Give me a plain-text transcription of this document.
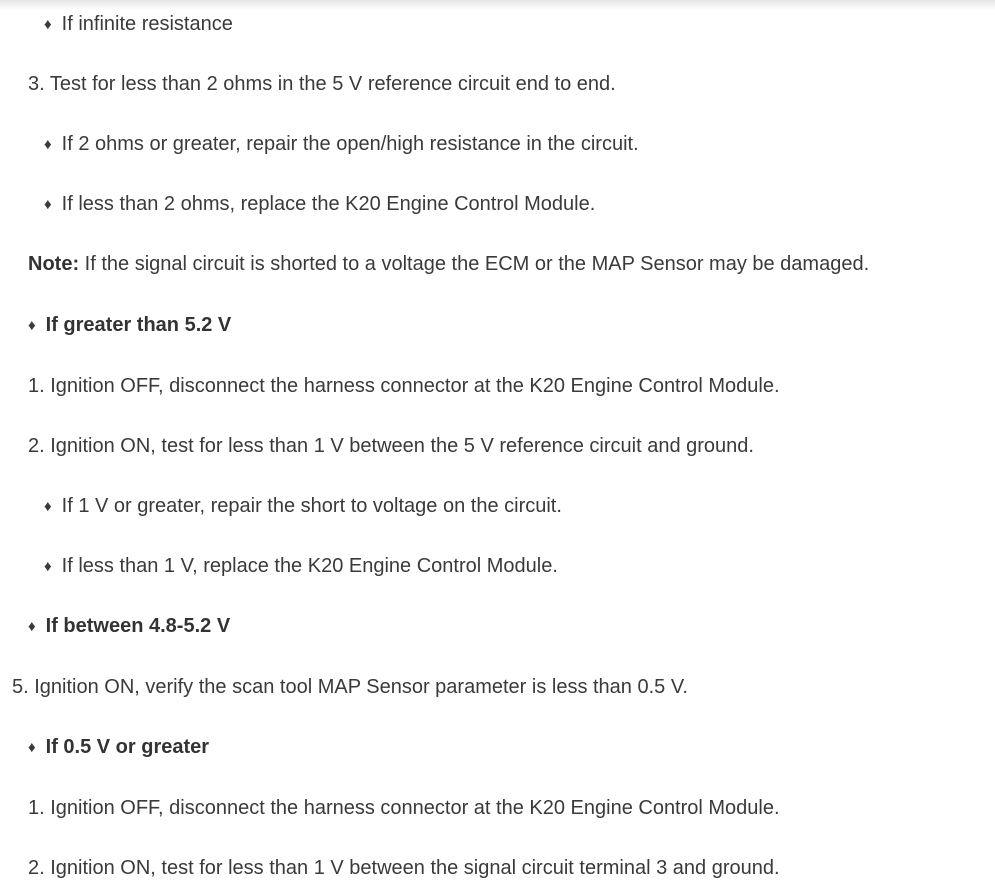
♦ If infinite resistance
3. Test for less than 2 ohms in the 5 V reference circuit end to end.
♦ If 2 ohms or greater, repair the open/high resistance in the circuit.
♦ If less than 2 ohms, replace the K20 Engine Control Module.
Note: If the signal circuit is shorted to a voltage the ECM or the MAP Sensor may be damaged.
♦ If greater than 5.2 V
1. Ignition OFF, disconnect the harness connector at the K20 Engine Control Module.
2. Ignition ON, test for less than 1 V between the 5 V reference circuit and ground.
♦ If 1 V or greater, repair the short to voltage on the circuit.
♦ If less than 1 V, replace the K20 Engine Control Module.
♦ If between 4.8-5.2 V
5. Ignition ON, verify the scan tool MAP Sensor parameter is less than 0.5 V.
♦ If 0.5 V or greater
1. Ignition OFF, disconnect the harness connector at the K20 Engine Control Module.
2. Ignition ON, test for less than 1 V between the signal circuit terminal 3 and ground.
